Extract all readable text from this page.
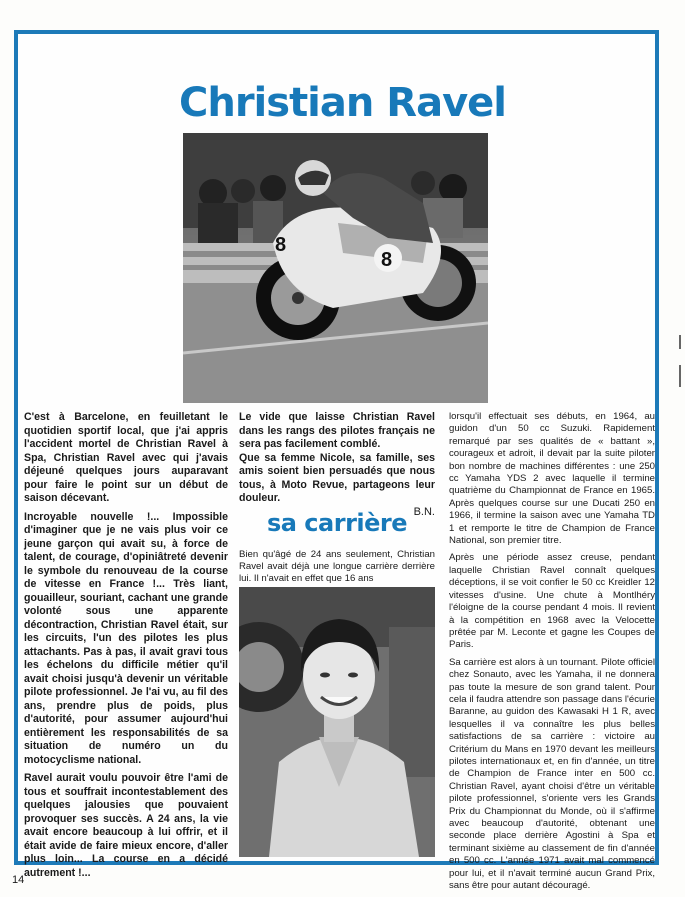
Christian Ravel
8
8

C'est à Barcelone, en feuilletant le quotidien sportif local, que j'ai appris l'accident mortel de Christian Ravel à Spa, Christian Ravel avec qui j'avais déjeuné quelques jours auparavant pour faire le point sur un début de saison décevant.

Incroyable nouvelle !... Impossible d'imaginer que je ne vais plus voir ce jeune garçon qui avait su, à force de talent, de courage, d'opiniâtreté devenir le symbole du renouveau de la course de vitesse en France !... Très liant, gouailleur, souriant, cachant une grande volonté sous une apparente décontraction, Christian Ravel était, sur les circuits, l'un des pilotes les plus attachants. Pas à pas, il avait gravi tous les échelons du difficile métier qu'il avait choisi jusqu'à devenir un véritable pilote professionnel. Je l'ai vu, au fil des ans, prendre plus de poids, plus d'autorité, pour assumer aujourd'hui entièrement les responsabilités de sa situation de numéro un du motocyclisme national.

Ravel aurait voulu pouvoir être l'ami de tous et souffrait incontestablement des quelques jalousies que pouvaient provoquer ses succès. A 24 ans, la vie avait encore beaucoup à lui offrir, et il était avide de faire mieux encore, d'aller plus loin... La course en a décidé autrement !...

Le vide que laisse Christian Ravel dans les rangs des pilotes français ne sera pas facilement comblé.

Que sa femme Nicole, sa famille, ses amis soient bien persuadés que nous tous, à Moto Revue, partageons leur douleur.

B.N.

sa carrière

Bien qu'âgé de 24 ans seulement, Christian Ravel avait déjà une longue carrière derrière lui. Il n'avait en effet que 16 ans

lorsqu'il effectuait ses débuts, en 1964, au guidon d'un 50 cc Suzuki. Rapidement remarqué par ses qualités de « battant », courageux et adroit, il devait par la suite piloter bon nombre de machines différentes : une 250 cc Yamaha YDS 2 avec laquelle il termine quatrième du Championnat de France en 1965. Après quelques course sur une Ducati 250 en 1966, il termine la saison avec une Yamaha TD 1 et remporte le titre de Champion de France National, son premier titre.

Après une période assez creuse, pendant laquelle Christian Ravel connaît quelques déceptions, il se voit confier le 50 cc Kreidler 12 vitesses d'usine. Une chute à Montlhéry l'éloigne de la course pendant 4 mois. Il revient à la compétition en 1968 avec la Velocette prêtée par M. Leconte et gagne les Coupes de Paris.

Sa carrière est alors à un tournant. Pilote officiel chez Sonauto, avec les Yamaha, il ne donnera pas toute la mesure de son grand talent. Pour cela il faudra attendre son passage dans l'écurie Baranne, au guidon des Kawasaki H 1 R, avec lesquelles il va connaître les plus belles satisfactions de sa carrière : victoire au Critérium du Mans en 1970 devant les meilleurs pilotes internationaux et, en fin d'année, un titre de Champion de France inter en 500 cc. Christian Ravel, ayant choisi d'être un véritable pilote professionnel, s'oriente vers les Grands Prix du Championnat du Monde, où il s'affirme avec beaucoup d'autorité, obtenant une seconde place derrière Agostini à Spa et terminant sixième au classement de fin d'année en 500 cc. L'année 1971 avait mal commencé pour lui, et il n'avait terminé aucun Grand Prix, sans être pour autant découragé.

14
